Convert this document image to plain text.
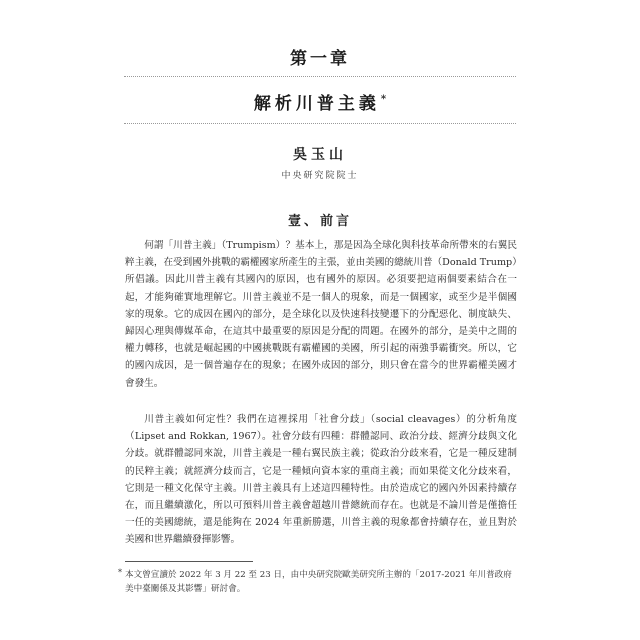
第一章
解析川普主義*
吳玉山
中央研究院院士
壹、前言

何謂「川普主義」（Trumpism）？基本上，那是因為全球化與科技革命所帶來的右翼民粹主義，在受到國外挑戰的霸權國家所產生的主張，並由美國的總統川普（Donald Trump）所倡議。因此川普主義有其國內的原因，也有國外的原因。必須要把這兩個要素結合在一起，才能夠確實地理解它。川普主義並不是一個人的現象，而是一個國家，或至少是半個國家的現象。它的成因在國內的部分，是全球化以及快速科技變遷下的分配惡化、制度缺失、歸因心理與傳媒革命，在這其中最重要的原因是分配的問題。在國外的部分，是美中之間的權力轉移，也就是崛起國的中國挑戰既有霸權國的美國，所引起的兩強爭霸衝突。所以，它的國內成因，是一個普遍存在的現象；在國外成因的部分，則只會在當今的世界霸權美國才會發生。

川普主義如何定性？我們在這裡採用「社會分歧」（social cleavages）的分析角度（Lipset and Rokkan, 1967）。社會分歧有四種：群體認同、政治分歧、經濟分歧與文化分歧。就群體認同來說，川普主義是一種右翼民族主義；從政治分歧來看，它是一種反建制的民粹主義；就經濟分歧而言，它是一種傾向資本家的重商主義；而如果從文化分歧來看，它則是一種文化保守主義。川普主義具有上述這四種特性。由於造成它的國內外因素持續存在，而且繼續激化，所以可預料川普主義會超越川普總統而存在。也就是不論川普是僅擔任一任的美國總統，還是能夠在 2024 年重新勝選，川普主義的現象都會持續存在，並且對於美國和世界繼續發揮影響。

* 本文曾宣讀於 2022 年 3 月 22 至 23 日，由中央研究院歐美研究所主辦的「2017-2021 年川普政府美中臺關係及其影響」研討會。
